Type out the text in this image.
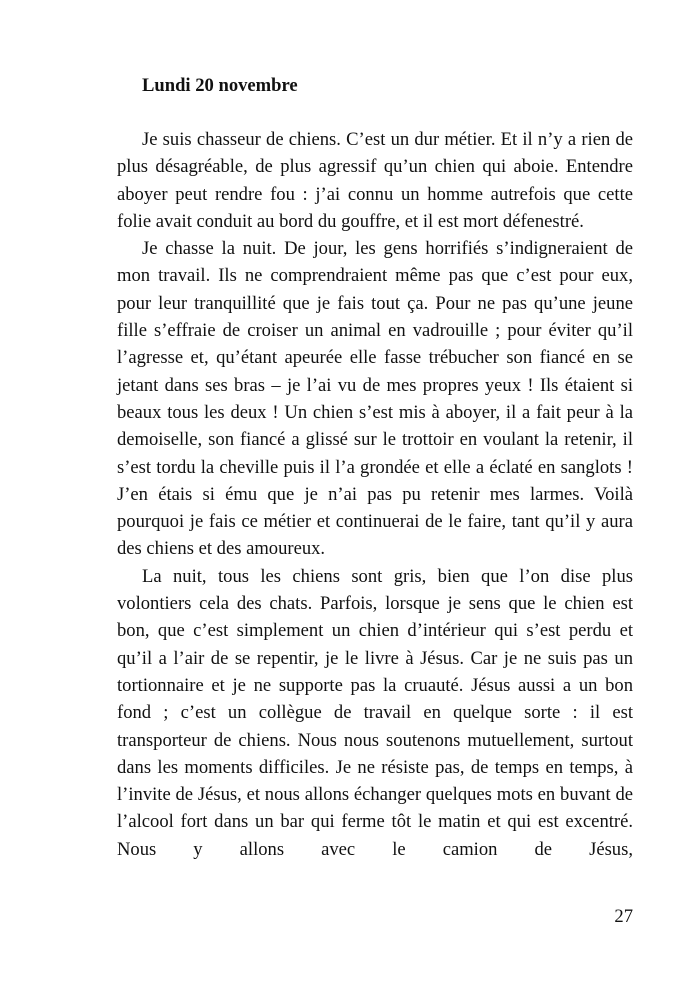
Lundi 20 novembre

Je suis chasseur de chiens. C’est un dur métier. Et il n’y a rien de plus désagréable, de plus agressif qu’un chien qui aboie. Entendre aboyer peut rendre fou : j’ai connu un homme autrefois que cette folie avait conduit au bord du gouffre, et il est mort défenestré.

Je chasse la nuit. De jour, les gens horrifiés s’indigneraient de mon travail. Ils ne comprendraient même pas que c’est pour eux, pour leur tranquillité que je fais tout ça. Pour ne pas qu’une jeune fille s’effraie de croiser un animal en vadrouille ; pour éviter qu’il l’agresse et, qu’étant apeurée elle fasse trébucher son fiancé en se jetant dans ses bras – je l’ai vu de mes propres yeux ! Ils étaient si beaux tous les deux ! Un chien s’est mis à aboyer, il a fait peur à la demoiselle, son fiancé a glissé sur le trottoir en voulant la retenir, il s’est tordu la cheville puis il l’a grondée et elle a éclaté en sanglots ! J’en étais si ému que je n’ai pas pu retenir mes larmes. Voilà pourquoi je fais ce métier et continuerai de le faire, tant qu’il y aura des chiens et des amoureux.

La nuit, tous les chiens sont gris, bien que l’on dise plus volontiers cela des chats. Parfois, lorsque je sens que le chien est bon, que c’est simplement un chien d’intérieur qui s’est perdu et qu’il a l’air de se repentir, je le livre à Jésus. Car je ne suis pas un tortionnaire et je ne supporte pas la cruauté. Jésus aussi a un bon fond ; c’est un collègue de travail en quelque sorte : il est transporteur de chiens. Nous nous soutenons mutuellement, surtout dans les moments difficiles. Je ne résiste pas, de temps en temps, à l’invite de Jésus, et nous allons échanger quelques mots en buvant de l’alcool fort dans un bar qui ferme tôt le matin et qui est excentré. Nous y allons avec le camion de Jésus,

27
